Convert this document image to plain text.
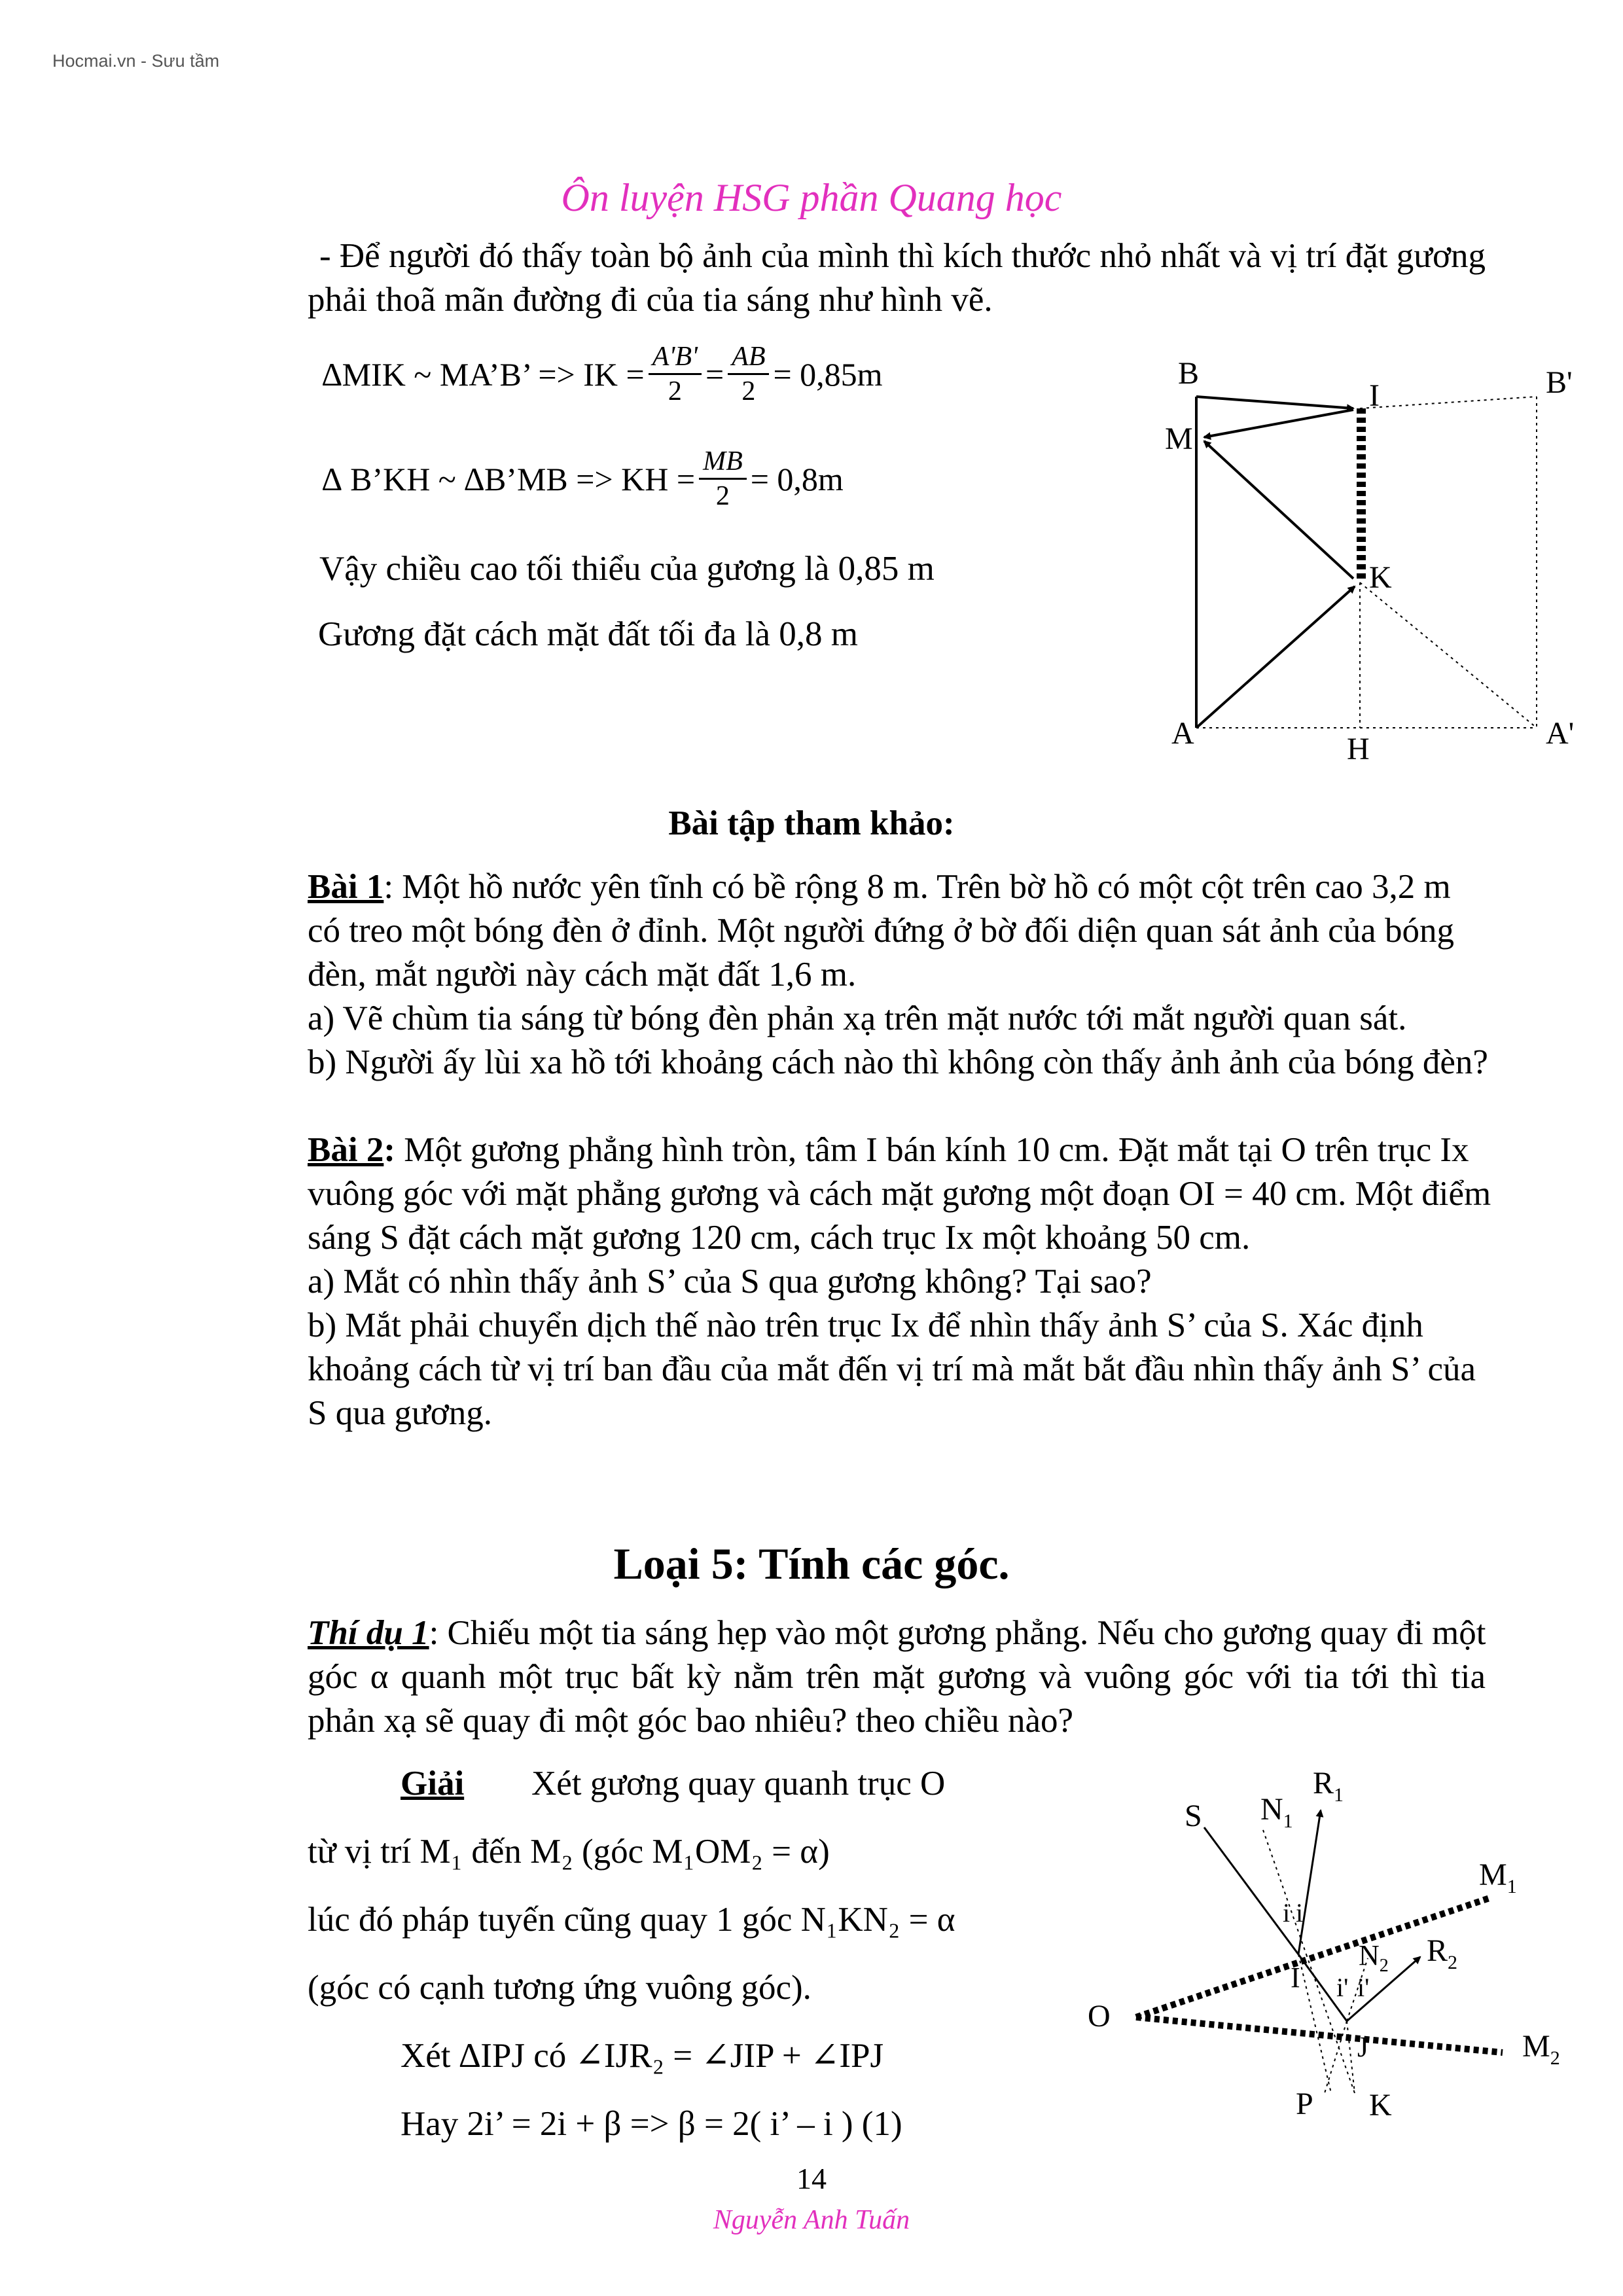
Hocmai.vn - Sưu tầm
Ôn luyện HSG phần Quang học
- Để người đó thấy toàn bộ ảnh của mình thì kích thước nhỏ nhất và vị trí đặt gương
phải thoã mãn đường đi của tia sáng như hình vẽ.
∆MIK ~ MA’B’ => IK = $\frac{A'B'}{2} = \frac{AB}{2} = 0,85m$
∆ B’KH ~ ∆B’MB => KH = $\frac{MB}{2} = 0,8m$
Vậy chiều cao tối thiểu của gương là 0,85 m
Gương đặt cách mặt đất tối đa là 0,8 m
B
I	B'
M
K
A	H	A'
Bài tập tham khảo:
Bài 1: Một hồ nước yên tĩnh có bề rộng 8 m. Trên bờ hồ có một cột trên cao 3,2 m
có treo một bóng đèn ở đỉnh. Một người đứng ở bờ đối diện quan sát ảnh của bóng
đèn, mắt người này cách mặt đất 1,6 m.
a) Vẽ chùm tia sáng từ bóng đèn phản xạ trên mặt nước tới mắt người quan sát.
b) Người ấy lùi xa hồ tới khoảng cách nào thì không còn thấy ảnh ảnh của bóng đèn?
Bài 2: Một gương phẳng hình tròn, tâm I bán kính 10 cm. Đặt mắt tại O trên trục Ix
vuông góc với mặt phẳng gương và cách mặt gương một đoạn OI = 40 cm. Một điểm
sáng S đặt cách mặt gương 120 cm, cách trục Ix một khoảng 50 cm.
a) Mắt có nhìn thấy ảnh S’ của S qua gương không? Tại sao?
b) Mắt phải chuyển dịch thế nào trên trục Ix để nhìn thấy ảnh S’ của S. Xác định
khoảng cách từ vị trí ban đầu của mắt đến vị trí mà mắt bắt đầu nhìn thấy ảnh S’ của
S qua gương.
Loại 5: Tính các góc.
Thí dụ 1: Chiếu một tia sáng hẹp vào một gương phẳng. Nếu cho gương quay đi một
góc α quanh một trục bất kỳ nằm trên mặt gương và vuông góc với tia tới thì tia
phản xạ sẽ quay đi một góc bao nhiêu? theo chiều nào?
Giải Xét gương quay quanh trục O
từ vị trí M₁ đến M₂ (góc M₁OM₂ = α)
lúc đó pháp tuyến cũng quay 1 góc N₁KN₂ = α
(góc có cạnh tương ứng vuông góc).
Xét ∆IPJ có ∠IJR₂ = ∠JIP + ∠IPJ
Hay 2i’ = 2i + β => β = 2( i’ – i ) (1)
S $N_1$
$R_1$
$M_1$
i i
I
$N_2$ $R_2$
i' i'
O
J	$M_2$
P K
14
Nguyễn Anh Tuấn
